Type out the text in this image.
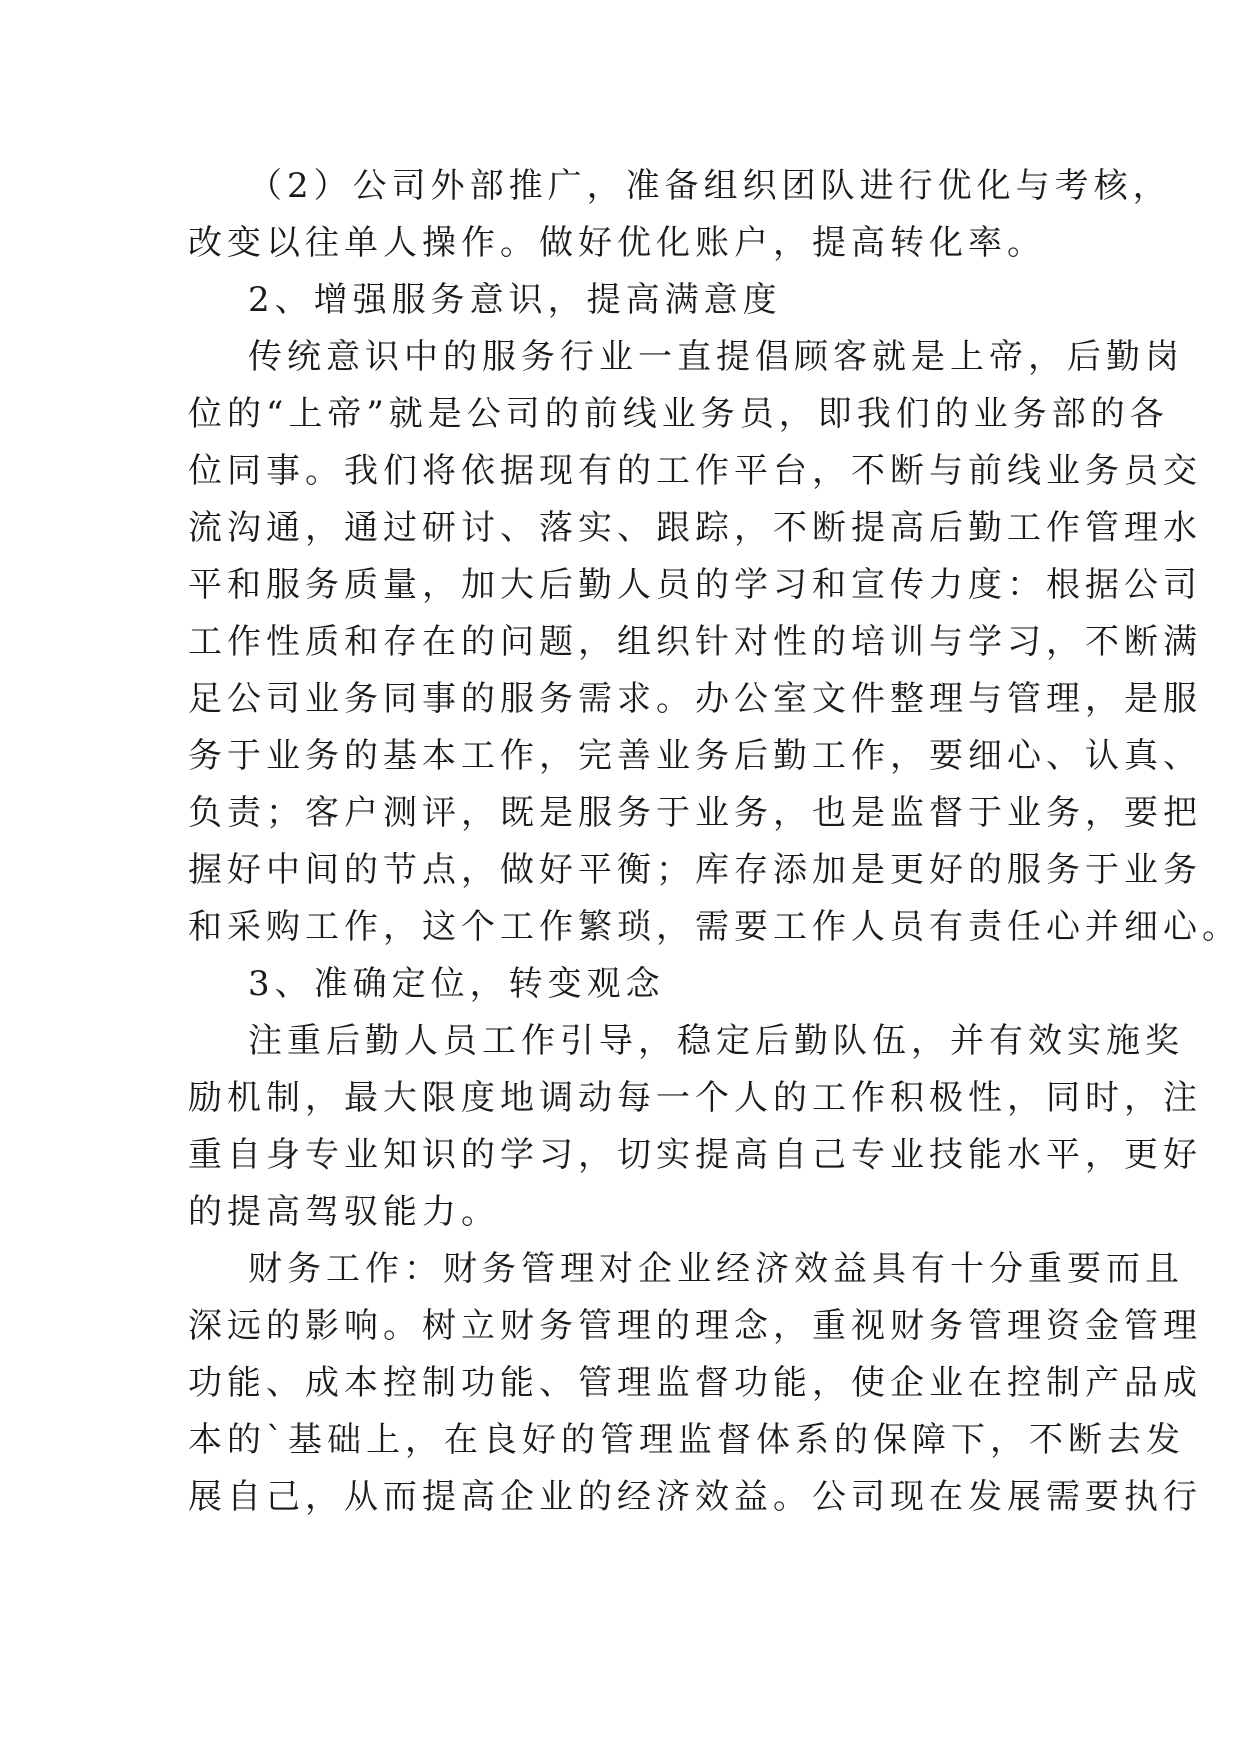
（2）公司外部推广，准备组织团队进行优化与考核，
改变以往单人操作。做好优化账户，提高转化率。
2、增强服务意识，提高满意度
传统意识中的服务行业一直提倡顾客就是上帝，后勤岗
位的“上帝”就是公司的前线业务员，即我们的业务部的各
位同事。我们将依据现有的工作平台，不断与前线业务员交
流沟通，通过研讨、落实、跟踪，不断提高后勤工作管理水
平和服务质量，加大后勤人员的学习和宣传力度：根据公司
工作性质和存在的问题，组织针对性的培训与学习，不断满
足公司业务同事的服务需求。办公室文件整理与管理，是服
务于业务的基本工作，完善业务后勤工作，要细心、认真、
负责；客户测评，既是服务于业务，也是监督于业务，要把
握好中间的节点，做好平衡；库存添加是更好的服务于业务
和采购工作，这个工作繁琐，需要工作人员有责任心并细心。
3、准确定位，转变观念
注重后勤人员工作引导，稳定后勤队伍，并有效实施奖
励机制，最大限度地调动每一个人的工作积极性，同时，注
重自身专业知识的学习，切实提高自己专业技能水平，更好
的提高驾驭能力。
财务工作：财务管理对企业经济效益具有十分重要而且
深远的影响。树立财务管理的理念，重视财务管理资金管理
功能、成本控制功能、管理监督功能，使企业在控制产品成
本的`基础上，在良好的管理监督体系的保障下，不断去发
展自己，从而提高企业的经济效益。公司现在发展需要执行
